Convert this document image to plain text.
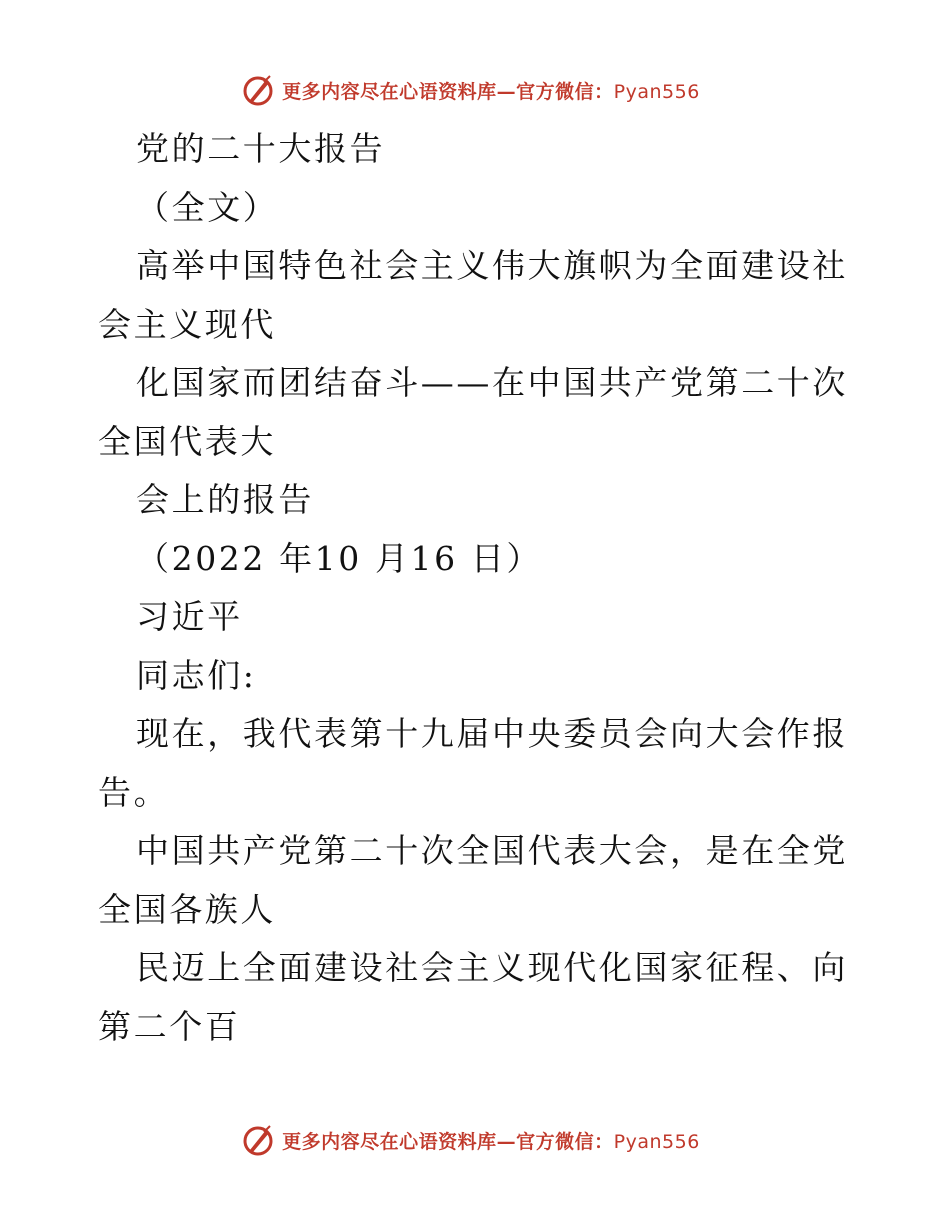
更多内容尽在心语资料库—官方微信：Pyan556

党的二十大报告

（全文）

高举中国特色社会主义伟大旗帜为全面建设社会主义现代

化国家而团结奋斗——在中国共产党第二十次全国代表大

会上的报告

（2022 年10 月16 日）

习近平

同志们:

现在，我代表第十九届中央委员会向大会作报告。

中国共产党第二十次全国代表大会，是在全党全国各族人

民迈上全面建设社会主义现代化国家征程、向第二个百

更多内容尽在心语资料库—官方微信：Pyan556
